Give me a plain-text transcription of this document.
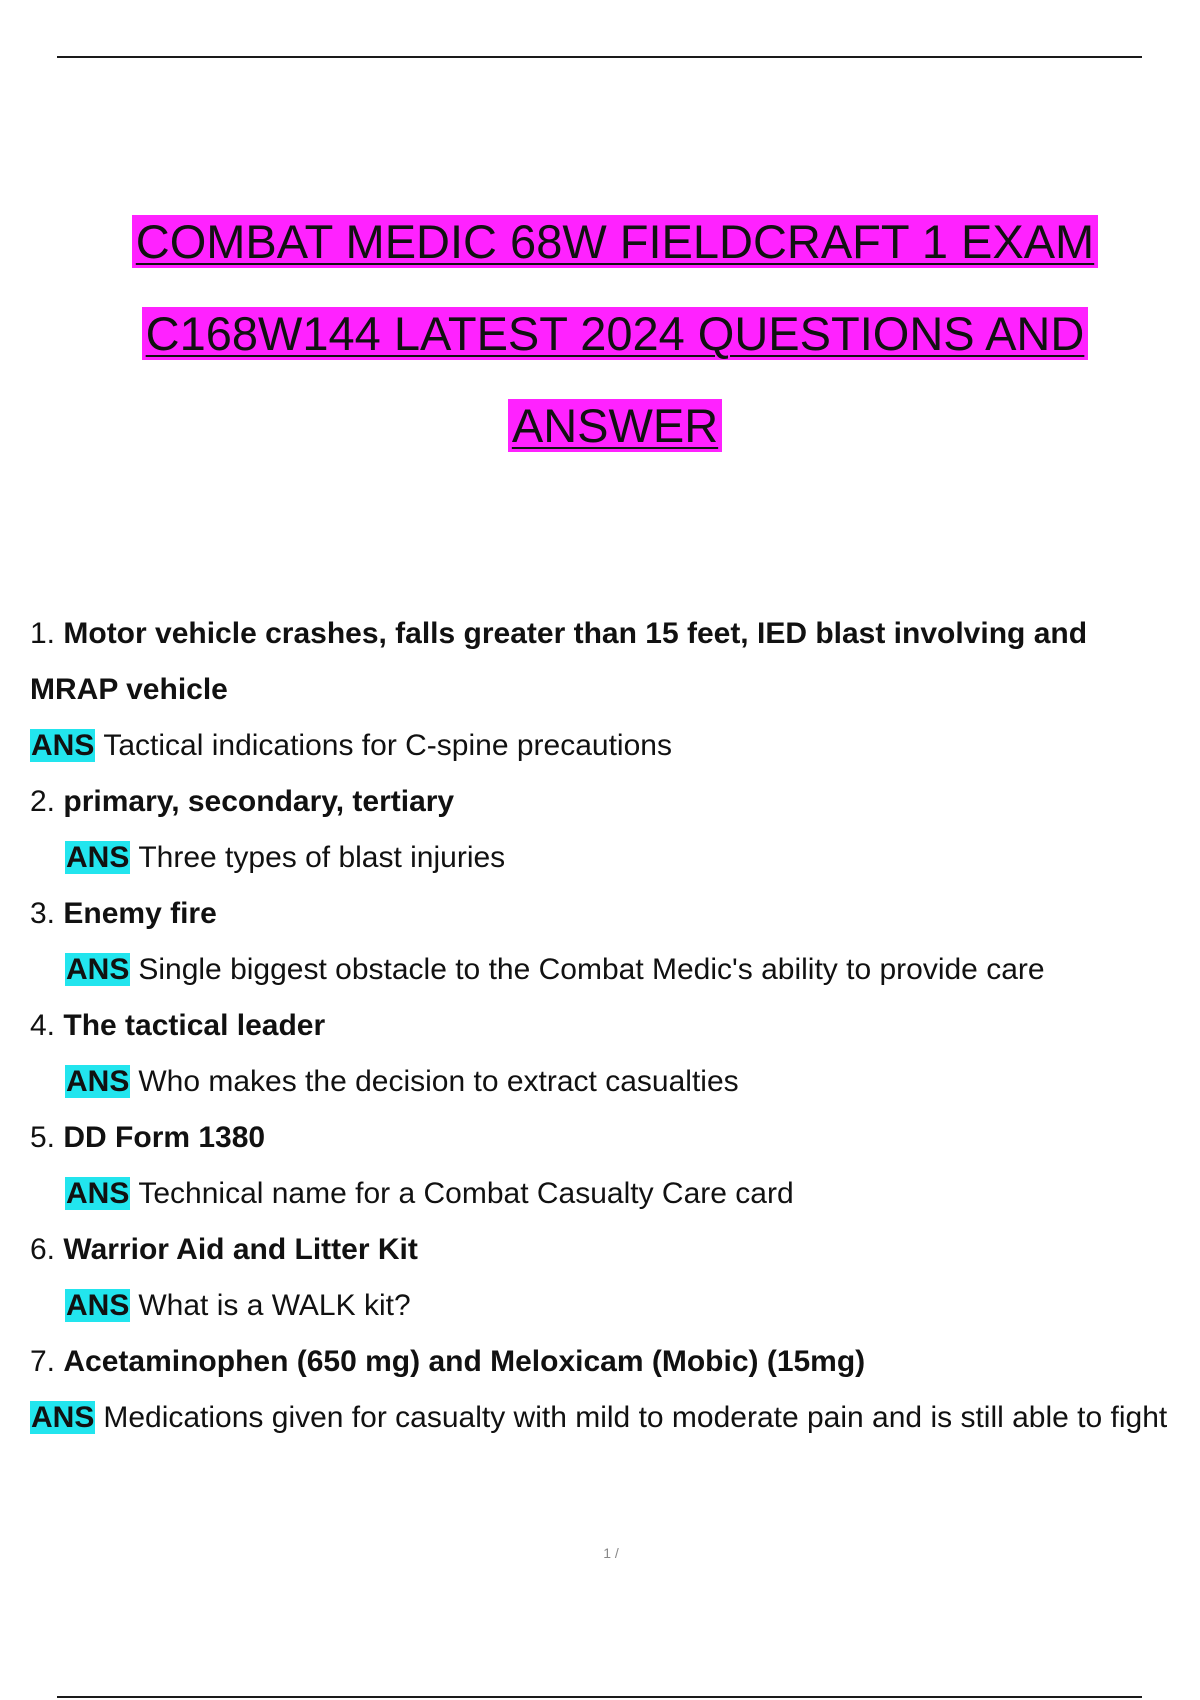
COMBAT MEDIC 68W FIELDCRAFT 1 EXAM
C168W144 LATEST 2024 QUESTIONS AND
ANSWER
1. Motor vehicle crashes, falls greater than 15 feet, IED blast involving and MRAP vehicle
ANS Tactical indications for C-spine precautions
2. primary, secondary, tertiary
ANS Three types of blast injuries
3. Enemy fire
ANS Single biggest obstacle to the Combat Medic's ability to provide care
4. The tactical leader
ANS Who makes the decision to extract casualties
5. DD Form 1380
ANS Technical name for a Combat Casualty Care card
6. Warrior Aid and Litter Kit
ANS What is a WALK kit?
7. Acetaminophen (650 mg) and Meloxicam (Mobic) (15mg)
ANS Medications given for casualty with mild to moderate pain and is still able to fight
1 /
